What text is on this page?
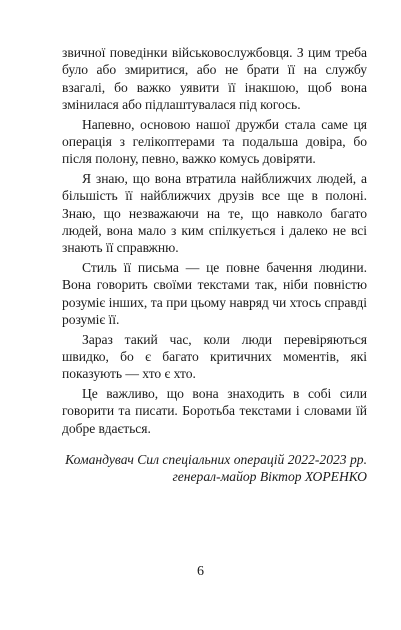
звичної поведінки військовослужбовця. З цим треба було або змиритися, або не брати її на службу взагалі, бо важко уявити її інакшою, щоб вона змінилася або підлаштувалася під когось.

Напевно, основою нашої дружби стала саме ця операція з гелікоптерами та подальша довіра, бо після полону, певно, важко комусь довіряти.

Я знаю, що вона втратила найближчих людей, а більшість її найближчих друзів все ще в полоні. Знаю, що незважаючи на те, що навколо багато людей, вона мало з ким спілкується і далеко не всі знають її справжню.

Стиль її письма — це повне бачення людини. Вона говорить своїми текстами так, ніби повністю розуміє інших, та при цьому навряд чи хтось справді розуміє її.

Зараз такий час, коли люди перевіряються швидко, бо є багато критичних моментів, які показують — хто є хто.

Це важливо, що вона знаходить в собі сили говорити та писати. Боротьба текстами і словами їй добре вдається.

Командувач Сил спеціальних операцій 2022-2023 рр.
генерал-майор Віктор ХОРЕНКО
6
